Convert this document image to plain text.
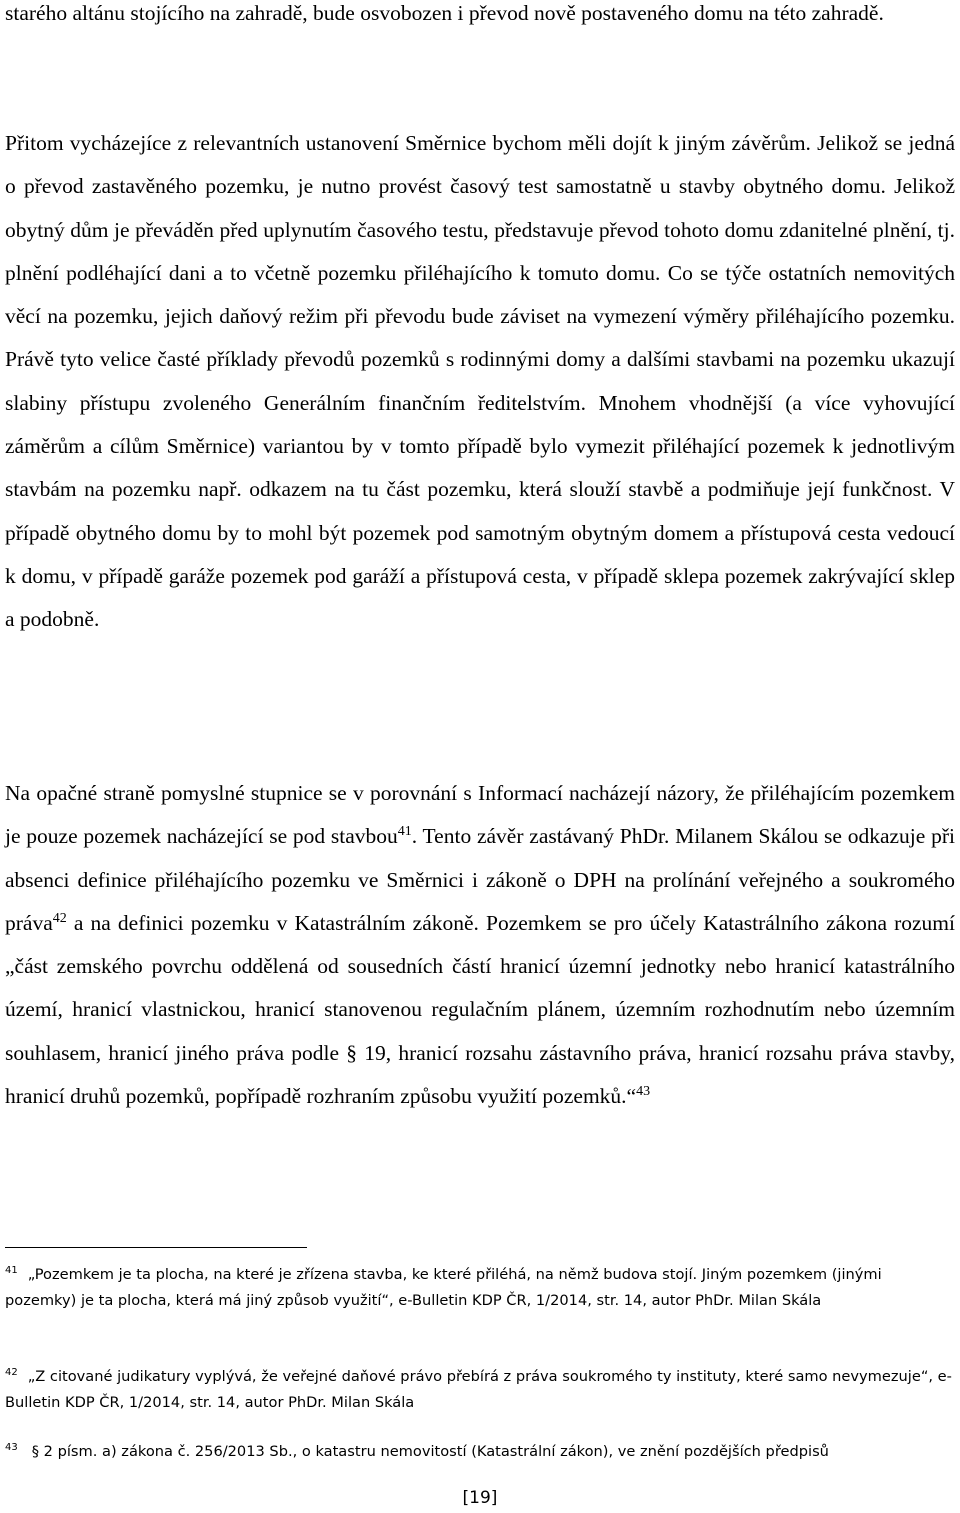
starého altánu stojícího na zahradě, bude osvobozen i převod nově postaveného domu na této zahradě.

Přitom vycházejíce z relevantních ustanovení Směrnice bychom měli dojít k jiným závěrům. Jelikož se jedná o převod zastavěného pozemku, je nutno provést časový test samostatně u stavby obytného domu. Jelikož obytný dům je převáděn před uplynutím časového testu, představuje převod tohoto domu zdanitelné plnění, tj. plnění podléhající dani a to včetně pozemku přiléhajícího k tomuto domu. Co se týče ostatních nemovitých věcí na pozemku, jejich daňový režim při převodu bude záviset na vymezení výměry přiléhajícího pozemku. Právě tyto velice časté příklady převodů pozemků s rodinnými domy a dalšími stavbami na pozemku ukazují slabiny přístupu zvoleného Generálním finančním ředitelstvím. Mnohem vhodnější (a více vyhovující záměrům a cílům Směrnice) variantou by v tomto případě bylo vymezit přiléhající pozemek k jednotlivým stavbám na pozemku např. odkazem na tu část pozemku, která slouží stavbě a podmiňuje její funkčnost. V případě obytného domu by to mohl být pozemek pod samotným obytným domem a přístupová cesta vedoucí k domu, v případě garáže pozemek pod garáží a přístupová cesta, v případě sklepa pozemek zakrývající sklep a podobně.

Na opačné straně pomyslné stupnice se v porovnání s Informací nacházejí názory, že přiléhajícím pozemkem je pouze pozemek nacházející se pod stavbou$^{41}$. Tento závěr zastávaný PhDr. Milanem Skálou se odkazuje při absenci definice přiléhajícího pozemku ve Směrnici i zákoně o DPH na prolínání veřejného a soukromého práva$^{42}$ a na definici pozemku v Katastrálním zákoně. Pozemkem se pro účely Katastrálního zákona rozumí „část zemského povrchu oddělená od sousedních částí hranicí územní jednotky nebo hranicí katastrálního území, hranicí vlastnickou, hranicí stanovenou regulačním plánem, územním rozhodnutím nebo územním souhlasem, hranicí jiného práva podle § 19, hranicí rozsahu zástavního práva, hranicí rozsahu práva stavby, hranicí druhů pozemků, popřípadě rozhraním způsobu využití pozemků.“$^{43}$

$^{41}$ „Pozemkem je ta plocha, na které je zřízena stavba, ke které přiléhá, na němž budova stojí. Jiným pozemkem (jinými pozemky) je ta plocha, která má jiný způsob využití“, e-Bulletin KDP ČR, 1/2014, str. 14, autor PhDr. Milan Skála

$^{42}$ „Z citované judikatury vyplývá, že veřejné daňové právo přebírá z práva soukromého ty instituty, které samo nevymezuje“, e-Bulletin KDP ČR, 1/2014, str. 14, autor PhDr. Milan Skála

$^{43}$ § 2 písm. a) zákona č. 256/2013 Sb., o katastru nemovitostí (Katastrální zákon), ve znění pozdějších předpisů

[19]
